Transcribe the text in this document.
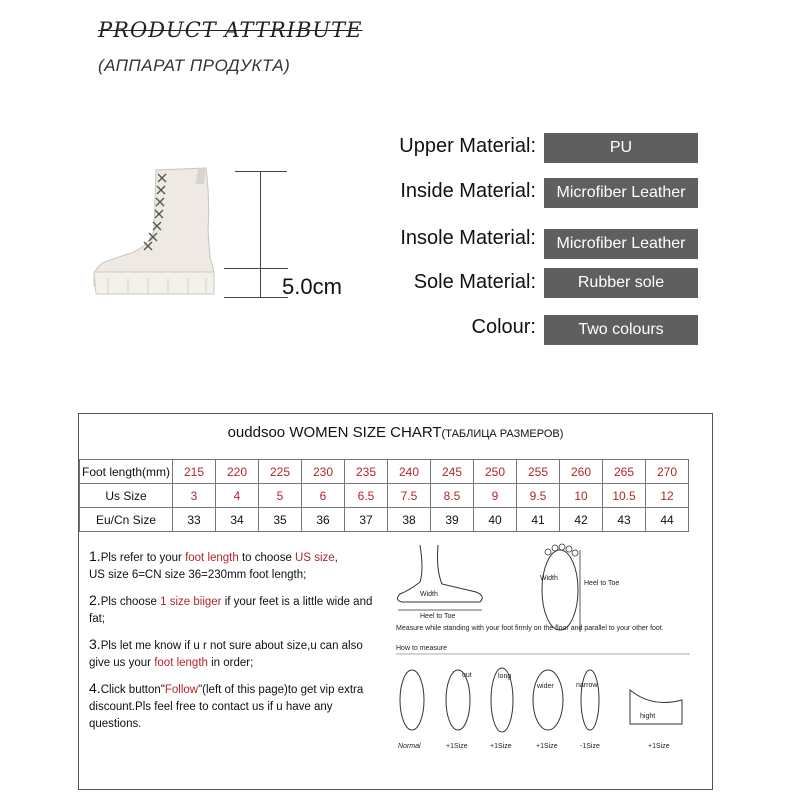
PRODUCT ATTRIBUTE
(АППАРАТ ПРОДУКТА)
5.0cm
Upper Material:	PU
Inside Material:	Microfiber Leather
Insole Material:	Microfiber Leather
Sole Material:	Rubber sole
Colour:	Two colours
ouddsoo WOMEN SIZE CHART(ТАБЛИЦА РАЗМЕРОВ)
Foot length(mm)	215	220	225	230	235	240	245	250	255	260	265	270
Us Size	3	4	5	6	6.5	7.5	8.5	9	9.5	10	10.5	12
Eu/Cn Size	33	34	35	36	37	38	39	40	41	42	43	44

1.Pls refer to your foot length to choose US size,
US size 6=CN size 36=230mm foot length;

2.Pls choose 1 size biiger if your feet is a little wide and fat;

3.Pls let me know if u r not sure about size,u can also give us your foot length in order;

4.Click button"Follow"(left of this page)to get vip extra discount.Pls feel free to contact us if u have any questions.

Width
Heel to Toe
Width
Heel to Toe
Measure while standing with your foot firmly on the floor and parallel to your other foot.
How to measure
out	long
wider	narrow
hight
Normal	+1Size	+1Size	+1Size	-1Size	+1Size
